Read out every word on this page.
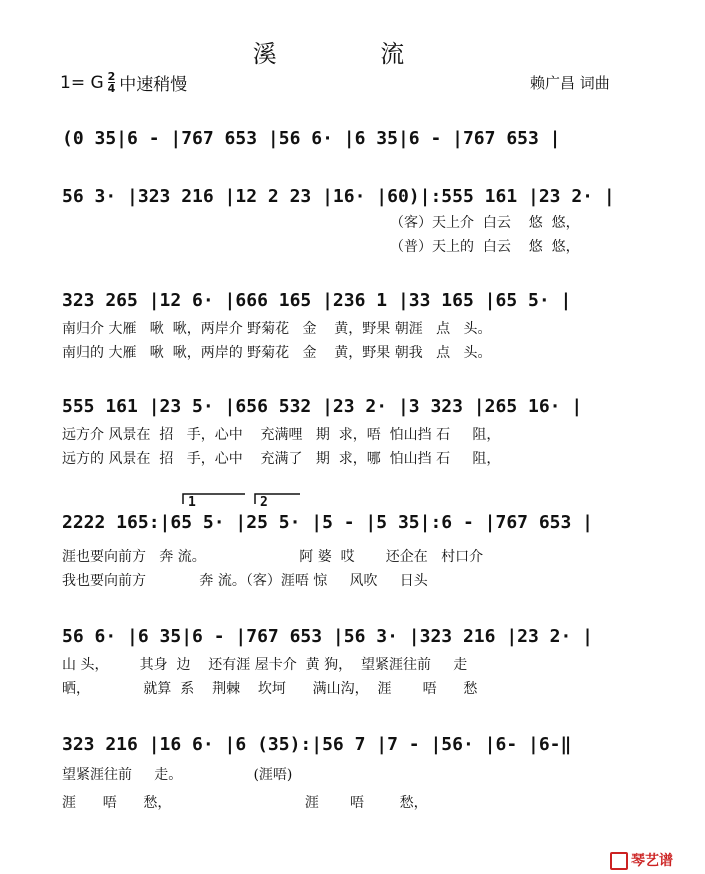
溪 流
1= G $\frac{2}{4}$ 中速稍慢	赖广昌 词曲
(0 35|6 - |767 653 |56 6· |6 35|6 - |767 653 |
56 3· |323 216 |12 2 23 |16· |60)|:555 161 |23 2· |

（客）天上介  白云    悠  悠，

（普）天上的  白云    悠  悠，

323 265 |12 6· |666 165 |236 1 |33 165 |65 5· |

南归介 大雁   啾  啾，两岸介 野菊花   金    黄，野果 朝涯   点   头。

南归的 大雁   啾  啾，两岸的 野菊花   金    黄，野果 朝我   点   头。

555 161 |23 5· |656 532 |23 2· |3 323 |265 16· |

远方介 风景在  招   手，心中    充满哩   期  求，唔  怕山挡 石     阻，

远方的 风景在  招   手，心中    充满了   期  求，哪  怕山挡 石     阻，

1	2
2222 165:|65 5· |25 5· |5 - |5 35|:6 - |767 653 |

涯也要向前方   奔 流。                     阿 婆  哎       还企在   村口介

我也要向前方            奔 流。（客）涯唔 惊     风吹     日头

56 6· |6 35|6 - |767 653 |56 3· |323 216 |23 2· |

山 头，       其身  边    还有涯 屋卡介  黄 狗，  望紧涯往前     走

晒，            就算  系    荆棘    坎坷      满山沟，  涯       唔      愁

323 216 |16 6· |6 (35):|56 7 |7 - |56· |6- |6-‖

望紧涯往前     走。                (涯唔)

涯      唔      愁，                              涯       唔        愁，

琴艺谱
